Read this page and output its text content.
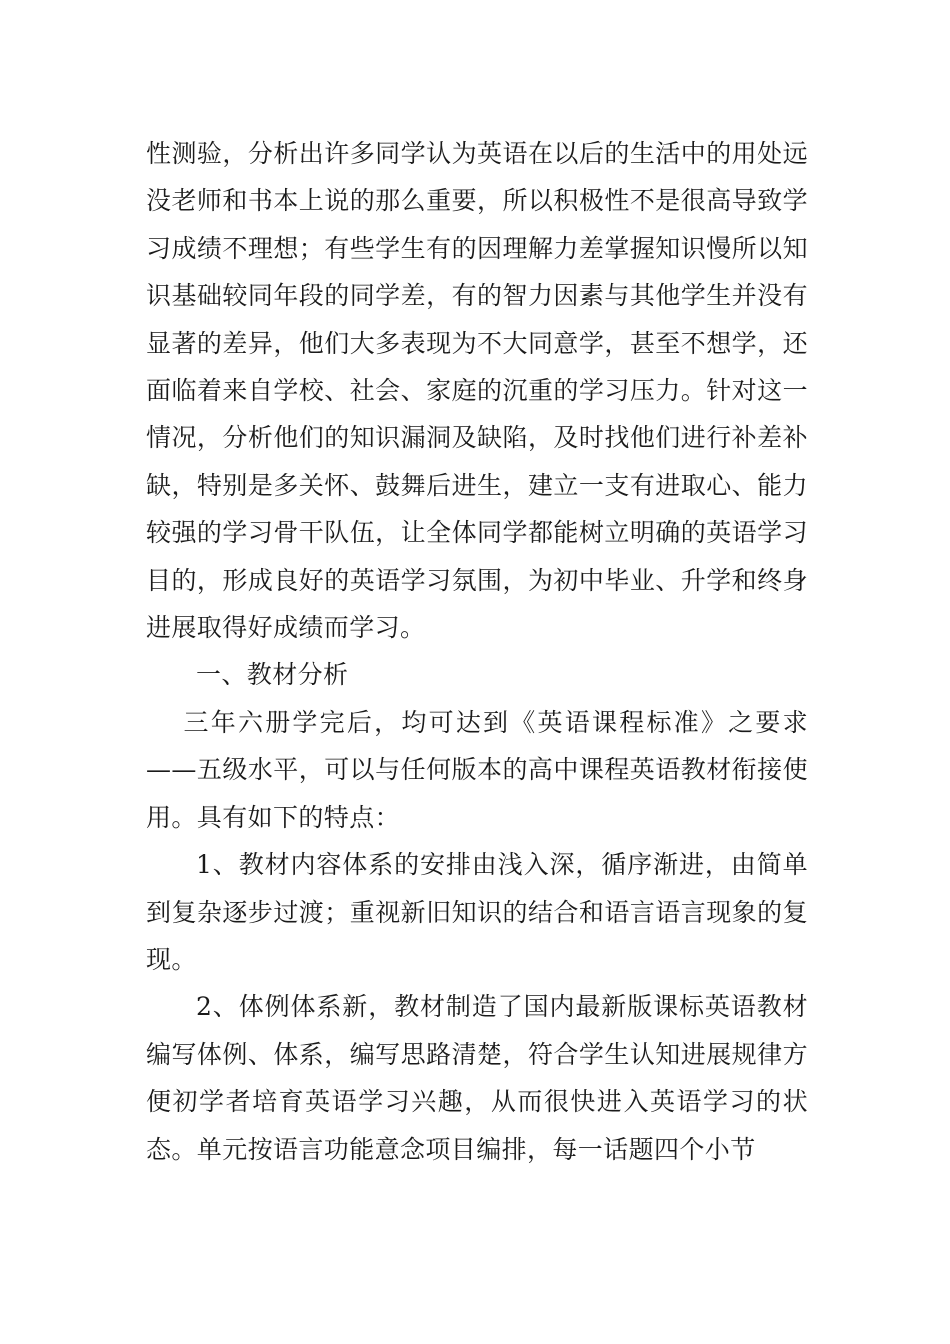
性测验，分析出许多同学认为英语在以后的生活中的用处远没老师和书本上说的那么重要，所以积极性不是很高导致学习成绩不理想；有些学生有的因理解力差掌握知识慢所以知识基础较同年段的同学差，有的智力因素与其他学生并没有显著的差异，他们大多表现为不大同意学，甚至不想学，还面临着来自学校、社会、家庭的沉重的学习压力。针对这一情况，分析他们的知识漏洞及缺陷，及时找他们进行补差补缺，特别是多关怀、鼓舞后进生，建立一支有进取心、能力较强的学习骨干队伍，让全体同学都能树立明确的英语学习目的，形成良好的英语学习氛围，为初中毕业、升学和终身进展取得好成绩而学习。

一、教材分析

三年六册学完后，均可达到《英语课程标准》之要求——五级水平，可以与任何版本的高中课程英语教材衔接使用。具有如下的特点：

1、教材内容体系的安排由浅入深，循序渐进，由简单到复杂逐步过渡；重视新旧知识的结合和语言语言现象的复现。

2、体例体系新，教材制造了国内最新版课标英语教材编写体例、体系，编写思路清楚，符合学生认知进展规律方便初学者培育英语学习兴趣，从而很快进入英语学习的状态。单元按语言功能意念项目编排，每一话题四个小节
